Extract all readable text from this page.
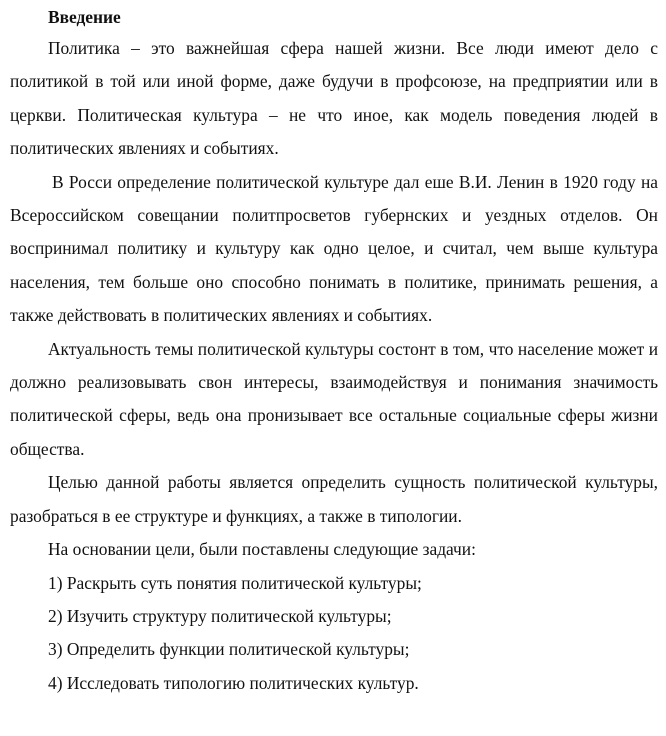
Введение

Политика – это важнейшая сфера нашей жизни. Все люди имеют дело с политикой в той или иной форме, даже будучи в профсоюзе, на предприятии или в церкви. Политическая культура – не что иное, как модель поведения людей в политических явлениях и событиях.

В Росси определение политической культуре дал еше В.И. Ленин в 1920 году на Всероссийском совещании политпросветов губернских и уездных отделов. Он воспринимал политику и культуру как одно целое, и считал, чем выше культура населения, тем больше оно способно понимать в политике, принимать решения, а также действовать в политических явлениях и событиях.

Актуальность темы политической культуры состонт в том, что население может и должно реализовывать свон интересы, взаимодействуя и понимания значимость политической сферы, ведь она пронизывает все остальные социальные сферы жизни общества.

Целью данной работы является определить сущность политической культуры, разобраться в ее структуре и функциях, а также в типологии.

На основании цели, были поставлены следующие задачи:

1) Раскрыть суть понятия политической культуры;

2) Изучить структуру политической культуры;

3) Определить функции политической культуры;

4) Исследовать типологию политических культур.
